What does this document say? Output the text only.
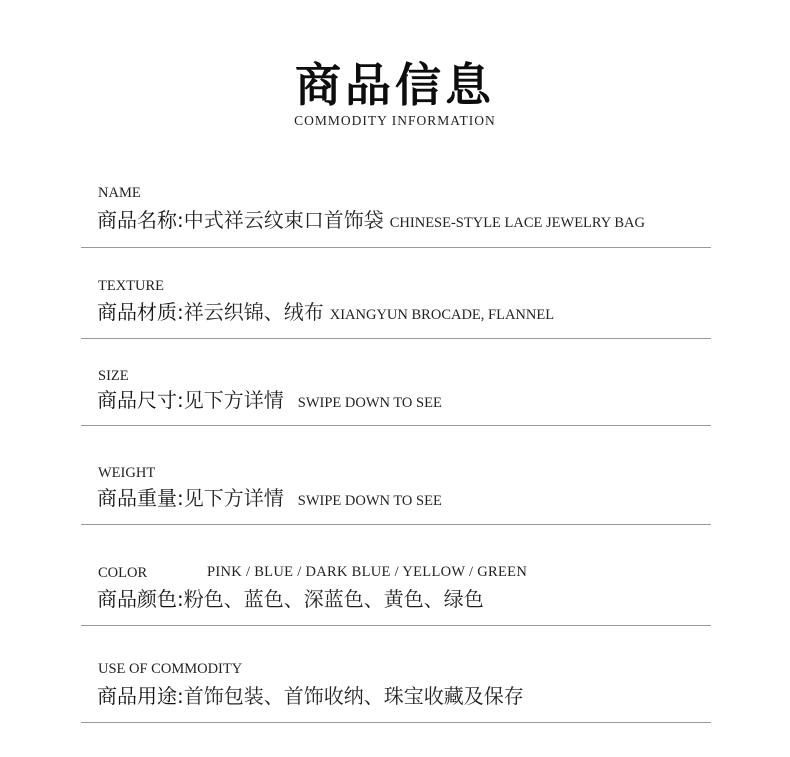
商品信息
COMMODITY INFORMATION
NAME
商品名称: 中式祥云纹束口首饰袋 CHINESE-STYLE LACE JEWELRY BAG
TEXTURE
商品材质: 祥云织锦、绒布 XIANGYUN BROCADE, FLANNEL
SIZE
商品尺寸: 见下方详情 SWIPE DOWN TO SEE
WEIGHT
商品重量: 见下方详情 SWIPE DOWN TO SEE
COLOR	PINK / BLUE / DARK BLUE / YELLOW / GREEN
商品颜色: 粉色、蓝色、深蓝色、黄色、绿色
USE OF COMMODITY
商品用途: 首饰包装、首饰收纳、珠宝收藏及保存
